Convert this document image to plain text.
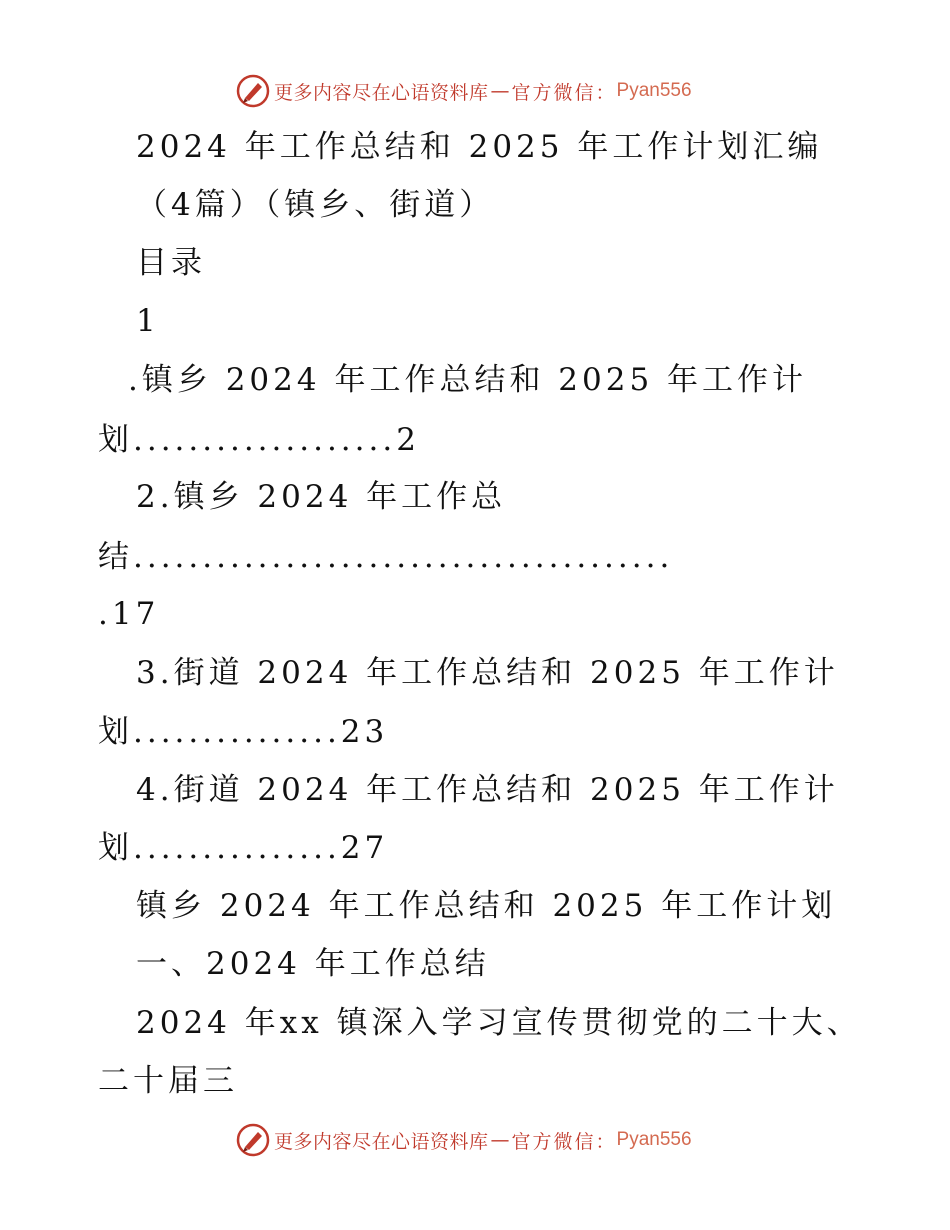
更多内容尽在心语资料库 — 官方微信： Pyan556
2024 年工作总结和 2025 年工作计划汇编
（4篇）（镇乡、街道）
目录
1
.镇乡 2024 年工作总结和 2025 年工作计
划...................2
2.镇乡 2024 年工作总
结.......................................
.17
3.街道 2024 年工作总结和 2025 年工作计
划...............23
4.街道 2024 年工作总结和 2025 年工作计
划...............27
镇乡 2024 年工作总结和 2025 年工作计划
一、2024 年工作总结
2024 年xx 镇深入学习宣传贯彻党的二十大、
二十届三
更多内容尽在心语资料库 — 官方微信： Pyan556
